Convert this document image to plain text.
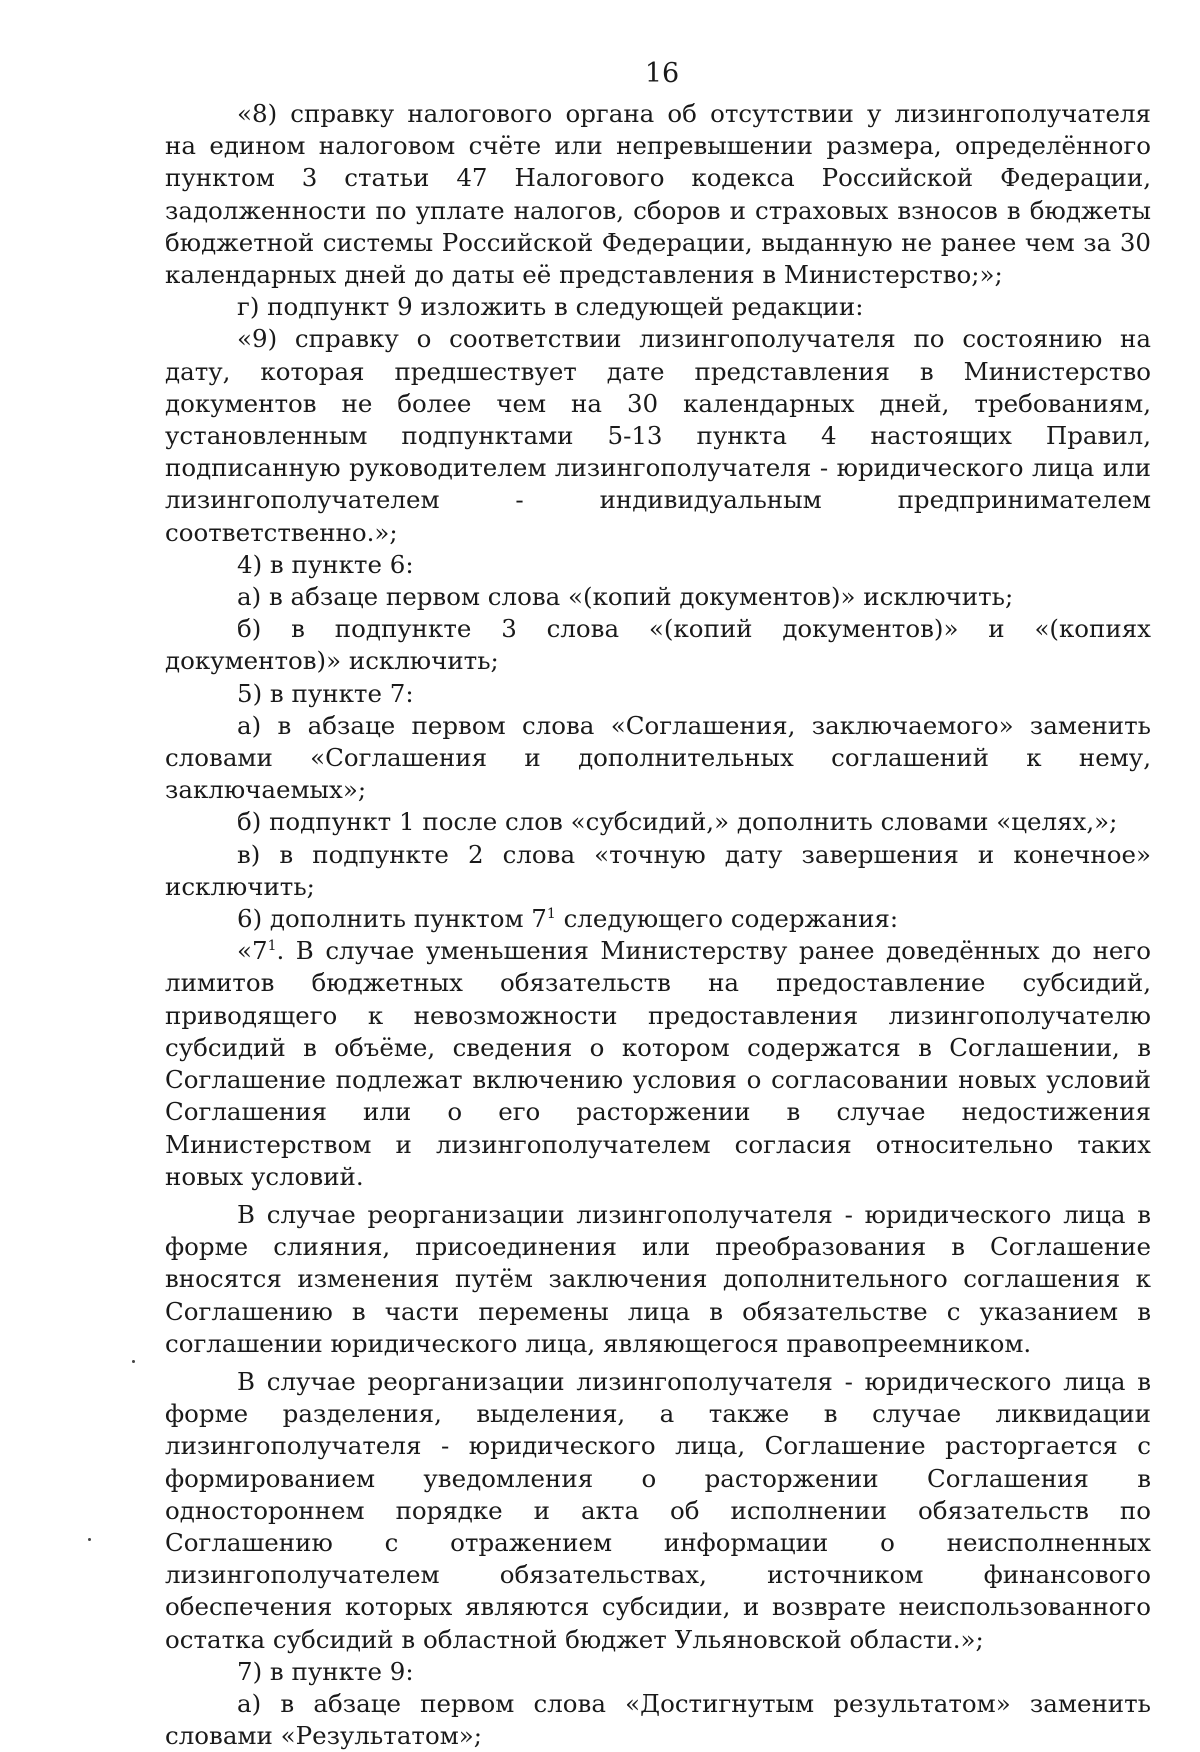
16

«8) справку налогового органа об отсутствии у лизингополучателя на едином налоговом счёте или непревышении размера, определённого пунктом 3 статьи 47 Налогового кодекса Российской Федерации, задолженности по уплате налогов, сборов и страховых взносов в бюджеты бюджетной системы Российской Федерации, выданную не ранее чем за 30 календарных дней до даты её представления в Министерство;»;

г) подпункт 9 изложить в следующей редакции:

«9) справку о соответствии лизингополучателя по состоянию на дату, которая предшествует дате представления в Министерство документов не более чем на 30 календарных дней, требованиям, установленным подпунктами 5-13 пункта 4 настоящих Правил, подписанную руководителем лизингополучателя - юридического лица или лизингополучателем - индивидуальным предпринимателем соответственно.»;

4) в пункте 6:

а) в абзаце первом слова «(копий документов)» исключить;

б) в подпункте 3 слова «(копий документов)» и «(копиях документов)» исключить;

5) в пункте 7:

а) в абзаце первом слова «Соглашения, заключаемого» заменить словами «Соглашения и дополнительных соглашений к нему, заключаемых»;

б) подпункт 1 после слов «субсидий,» дополнить словами «целях,»;

в) в подпункте 2 слова «точную дату завершения и конечное» исключить;

6) дополнить пунктом $7^1$ следующего содержания:

«$7^1$. В случае уменьшения Министерству ранее доведённых до него лимитов бюджетных обязательств на предоставление субсидий, приводящего к невозможности предоставления лизингополучателю субсидий в объёме, сведения о котором содержатся в Соглашении, в Соглашение подлежат включению условия о согласовании новых условий Соглашения или о его расторжении в случае недостижения Министерством и лизингополучателем согласия относительно таких новых условий.

В случае реорганизации лизингополучателя - юридического лица в форме слияния, присоединения или преобразования в Соглашение вносятся изменения путём заключения дополнительного соглашения к Соглашению в части перемены лица в обязательстве с указанием в соглашении юридического лица, являющегося правопреемником.

В случае реорганизации лизингополучателя - юридического лица в форме разделения, выделения, а также в случае ликвидации лизингополучателя - юридического лица, Соглашение расторгается с формированием уведомления о расторжении Соглашения в одностороннем порядке и акта об исполнении обязательств по Соглашению с отражением информации о неисполненных лизингополучателем обязательствах, источником финансового обеспечения которых являются субсидии, и возврате неиспользованного остатка субсидий в областной бюджет Ульяновской области.»;

7) в пункте 9:

а) в абзаце первом слова «Достигнутым результатом» заменить словами «Результатом»;
